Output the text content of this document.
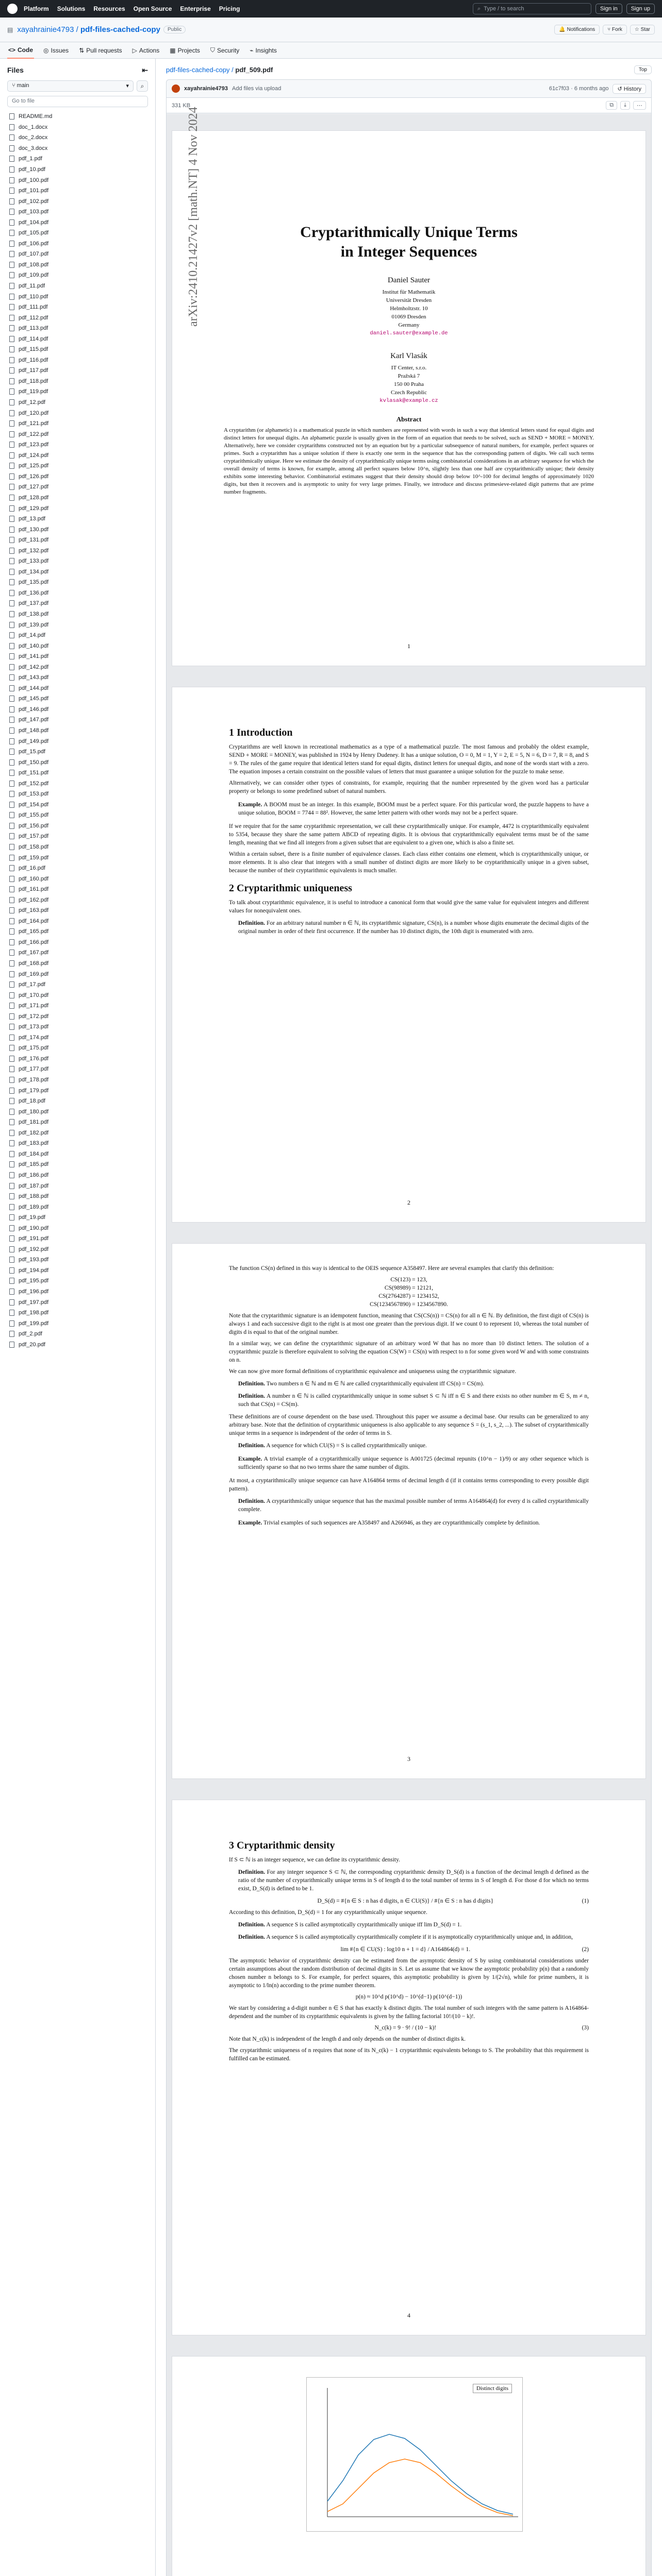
Platform Solutions Resources Open Source Enterprise Pricing	⌕ Type / to search	Sign in	Sign up
▤ xayahrainie4793 / pdf-files-cached-copy	Public	🔔 Notifications	⑂ Fork	☆ Star
<> Code ◎ Issues ⇅ Pull requests ▷ Actions ▦ Projects ⛉ Security ⌁ Insights
Files	⇤
⑂ main	▾	⌕
Go to file
README.md
doc_1.docx
doc_2.docx
doc_3.docx
pdf_1.pdf
pdf_10.pdf
pdf_100.pdf
pdf_101.pdf
pdf_102.pdf
pdf_103.pdf
pdf_104.pdf
pdf_105.pdf
pdf_106.pdf
pdf_107.pdf
pdf_108.pdf
pdf_109.pdf
pdf_11.pdf
pdf_110.pdf
pdf_111.pdf
pdf_112.pdf
pdf_113.pdf
pdf_114.pdf
pdf_115.pdf
pdf_116.pdf
pdf_117.pdf
pdf_118.pdf
pdf_119.pdf
pdf_12.pdf
pdf_120.pdf
pdf_121.pdf
pdf_122.pdf
pdf_123.pdf
pdf_124.pdf
pdf_125.pdf
pdf_126.pdf
pdf_127.pdf
pdf_128.pdf
pdf_129.pdf
pdf_13.pdf
pdf_130.pdf
pdf_131.pdf
pdf_132.pdf
pdf_133.pdf
pdf_134.pdf
pdf_135.pdf
pdf_136.pdf
pdf_137.pdf
pdf_138.pdf
pdf_139.pdf
pdf_14.pdf
pdf_140.pdf
pdf_141.pdf
pdf_142.pdf
pdf_143.pdf
pdf_144.pdf
pdf_145.pdf
pdf_146.pdf
pdf_147.pdf
pdf_148.pdf
pdf_149.pdf
pdf_15.pdf
pdf_150.pdf
pdf_151.pdf
pdf_152.pdf
pdf_153.pdf
pdf_154.pdf
pdf_155.pdf
pdf_156.pdf
pdf_157.pdf
pdf_158.pdf
pdf_159.pdf
pdf_16.pdf
pdf_160.pdf
pdf_161.pdf
pdf_162.pdf
pdf_163.pdf
pdf_164.pdf
pdf_165.pdf
pdf_166.pdf
pdf_167.pdf
pdf_168.pdf
pdf_169.pdf
pdf_17.pdf
pdf_170.pdf
pdf_171.pdf
pdf_172.pdf
pdf_173.pdf
pdf_174.pdf
pdf_175.pdf
pdf_176.pdf
pdf_177.pdf
pdf_178.pdf
pdf_179.pdf
pdf_18.pdf
pdf_180.pdf
pdf_181.pdf
pdf_182.pdf
pdf_183.pdf
pdf_184.pdf
pdf_185.pdf
pdf_186.pdf
pdf_187.pdf
pdf_188.pdf
pdf_189.pdf
pdf_19.pdf
pdf_190.pdf
pdf_191.pdf
pdf_192.pdf
pdf_193.pdf
pdf_194.pdf
pdf_195.pdf
pdf_196.pdf
pdf_197.pdf
pdf_198.pdf
pdf_199.pdf
pdf_2.pdf
pdf_20.pdf
pdf-files-cached-copy / pdf_509.pdf	Top
xayahrainie4793 Add files via upload	61c7f03 · 6 months ago	↺ History
331 KB	⧉	⤓	⋯
arXiv:2410.21427v2 [math.NT] 4 Nov 2024	Cryptarithmically Unique Terms
in Integer Sequences
Daniel Sauter
Institut für Mathematik
Universität Dresden
Helmholtzstr. 10
01069 Dresden
Germany
daniel.sauter@example.de
Karl Vlasák
IT Center, s.r.o.
Pražská 7
150 00 Praha
Czech Republic
kvlasak@example.cz
Abstract
A cryptarithm (or alphametic) is a mathematical puzzle in which numbers are represented with words in such a way that identical letters stand for equal digits and distinct letters for unequal digits. An alphametic puzzle is usually given in the form of an equation that needs to be solved, such as SEND + MORE = MONEY. Alternatively, here we consider cryptarithms constructed not by an equation but by a particular subsequence of natural numbers, for example, perfect squares or primes. Such a cryptarithm has a unique solution if there is exactly one term in the sequence that has the corresponding pattern of digits. We call such terms cryptarithmically unique. Here we estimate the density of cryptarithmically unique terms using combinatorial considerations in an arbitrary sequence for which the overall density of terms is known, for example, among all perfect squares below 10^n, slightly less than one half are cryptarithmically unique; their density exhibits some interesting behavior. Combinatorial estimates suggest that their density should drop below 10^-100 for decimal lengths of approximately 1020 digits, but then it recovers and is asymptotic to unity for very large primes. Finally, we introduce and discuss primesieve-related digit patterns that are prime number fragments.
1
1 Introduction

Cryptarithms are well known in recreational mathematics as a type of a mathematical puzzle. The most famous and probably the oldest example, SEND + MORE = MONEY, was published in 1924 by Henry Dudeney. It has a unique solution, O = 0, M = 1, Y = 2, E = 5, N = 6, D = 7, R = 8, and S = 9. The rules of the game require that identical letters stand for equal digits, distinct letters for unequal digits, and none of the words start with a zero. The equation imposes a certain constraint on the possible values of letters that must guarantee a unique solution for the puzzle to make sense.

Alternatively, we can consider other types of constraints, for example, requiring that the number represented by the given word has a particular property or belongs to some predefined subset of natural numbers.

Example. A BOOM must be an integer. In this example, BOOM must be a perfect square. For this particular word, the puzzle happens to have a unique solution, BOOM = 7744 = 88². However, the same letter pattern with other words may not be a perfect square.

If we require that for the same cryptarithmic representation, we call these cryptarithmically unique. For example, 4472 is cryptarithmically equivalent to 5354, because they share the same pattern ABCD of repeating digits. It is obvious that cryptarithmically equivalent terms must be of the same length, meaning that we find all integers from a given subset that are equivalent to a given one, which is also a finite set.

Within a certain subset, there is a finite number of equivalence classes. Each class either contains one element, which is cryptarithmically unique, or more elements. It is also clear that integers with a small number of distinct digits are more likely to be cryptarithmically unique in a given subset, because the number of their cryptarithmic equivalents is much smaller.

2 Cryptarithmic uniqueness

To talk about cryptarithmic equivalence, it is useful to introduce a canonical form that would give the same value for equivalent integers and different values for nonequivalent ones.

Definition. For an arbitrary natural number n ∈ ℕ, its cryptarithmic signature, CS(n), is a number whose digits enumerate the decimal digits of the original number in order of their first occurrence. If the number has 10 distinct digits, the 10th digit is enumerated with zero.
2

The function CS(n) defined in this way is identical to the OEIS sequence A358497. Here are several examples that clarify this definition:

CS(123) = 123,
CS(98989) = 12121,
CS(2764287) = 1234152,
CS(1234567890) = 1234567890.

Note that the cryptarithmic signature is an idempotent function, meaning that CS(CS(n)) = CS(n) for all n ∈ ℕ. By definition, the first digit of CS(n) is always 1 and each successive digit to the right is at most one greater than the previous digit. If we count 0 to represent 10, whereas the total number of digits d is equal to that of the original number.

In a similar way, we can define the cryptarithmic signature of an arbitrary word W that has no more than 10 distinct letters. The solution of a cryptarithmic puzzle is therefore equivalent to solving the equation CS(W) = CS(n) with respect to n for some given word W and with some constraints on n.

We can now give more formal definitions of cryptarithmic equivalence and uniqueness using the cryptarithmic signature.

Definition. Two numbers n ∈ ℕ and m ∈ ℕ are called cryptarithmically equivalent iff CS(n) = CS(m).
Definition. A number n ∈ ℕ is called cryptarithmically unique in some subset S ⊂ ℕ iff n ∈ S and there exists no other number m ∈ S, m ≠ n, such that CS(n) = CS(m).

These definitions are of course dependent on the base used. Throughout this paper we assume a decimal base. Our results can be generalized to any arbitrary base. Note that the definition of cryptarithmic uniqueness is also applicable to any sequence S = (s_1, s_2, ...). The subset of cryptarithmically unique terms in a sequence is independent of the order of terms in S.

Definition. A sequence for which CU(S) = S is called cryptarithmically unique.
Example. A trivial example of a cryptarithmically unique sequence is A001725 (decimal repunits (10^n − 1)/9) or any other sequence which is sufficiently sparse so that no two terms share the same number of digits.

At most, a cryptarithmically unique sequence can have A164864 terms of decimal length d (if it contains terms corresponding to every possible digit pattern).

Definition. A cryptarithmically unique sequence that has the maximal possible number of terms A164864(d) for every d is called cryptarithmically complete.
Example. Trivial examples of such sequences are A358497 and A266946, as they are cryptarithmically complete by definition.
3
3 Cryptarithmic density

If S ⊂ ℕ is an integer sequence, we can define its cryptarithmic density.

Definition. For any integer sequence S ⊂ ℕ, the corresponding cryptarithmic density D_S(d) is a function of the decimal length d defined as the ratio of the number of cryptarithmically unique terms in S of length d to the total number of terms in S of length d. For those d for which no terms exist, D_S(d) is defined to be 1.
D_S(d) = #{n ∈ S : n has d digits, n ∈ CU(S)} / #{n ∈ S : n has d digits}	(1)

According to this definition, D_S(d) = 1 for any cryptarithmically unique sequence.

Definition. A sequence S is called asymptotically cryptarithmically unique iff lim D_S(d) = 1.
Definition. A sequence S is called asymptotically cryptarithmically complete if it is asymptotically cryptarithmically unique and, in addition,
lim #{n ∈ CU(S) : log10 n + 1 = d} / A164864(d) = 1.	(2)

The asymptotic behavior of cryptarithmic density can be estimated from the asymptotic density of S by using combinatorial considerations under certain assumptions about the random distribution of decimal digits in S. Let us assume that we know the asymptotic probability p(n) that a randomly chosen number n belongs to S. For example, for perfect squares, this asymptotic probability is given by 1/(2√n), while for prime numbers, it is asymptotic to 1/ln(n) according to the prime number theorem.

p(n) ≈ 10^d p(10^d) − 10^(d−1) p(10^(d−1))

We start by considering a d-digit number n ∈ S that has exactly k distinct digits. The total number of such integers with the same pattern is A164864-dependent and the number of its cryptarithmic equivalents is given by the falling factorial 10!/(10 − k)!.

N_c(k) = 9 · 9! / (10 − k)!	(3)

Note that N_c(k) is independent of the length d and only depends on the number of distinct digits k.

The cryptarithmic uniqueness of n requires that none of its N_c(k) − 1 cryptarithmic equivalents belongs to S. The probability that this requirement is fulfilled can be estimated.

4
Distinct digits
